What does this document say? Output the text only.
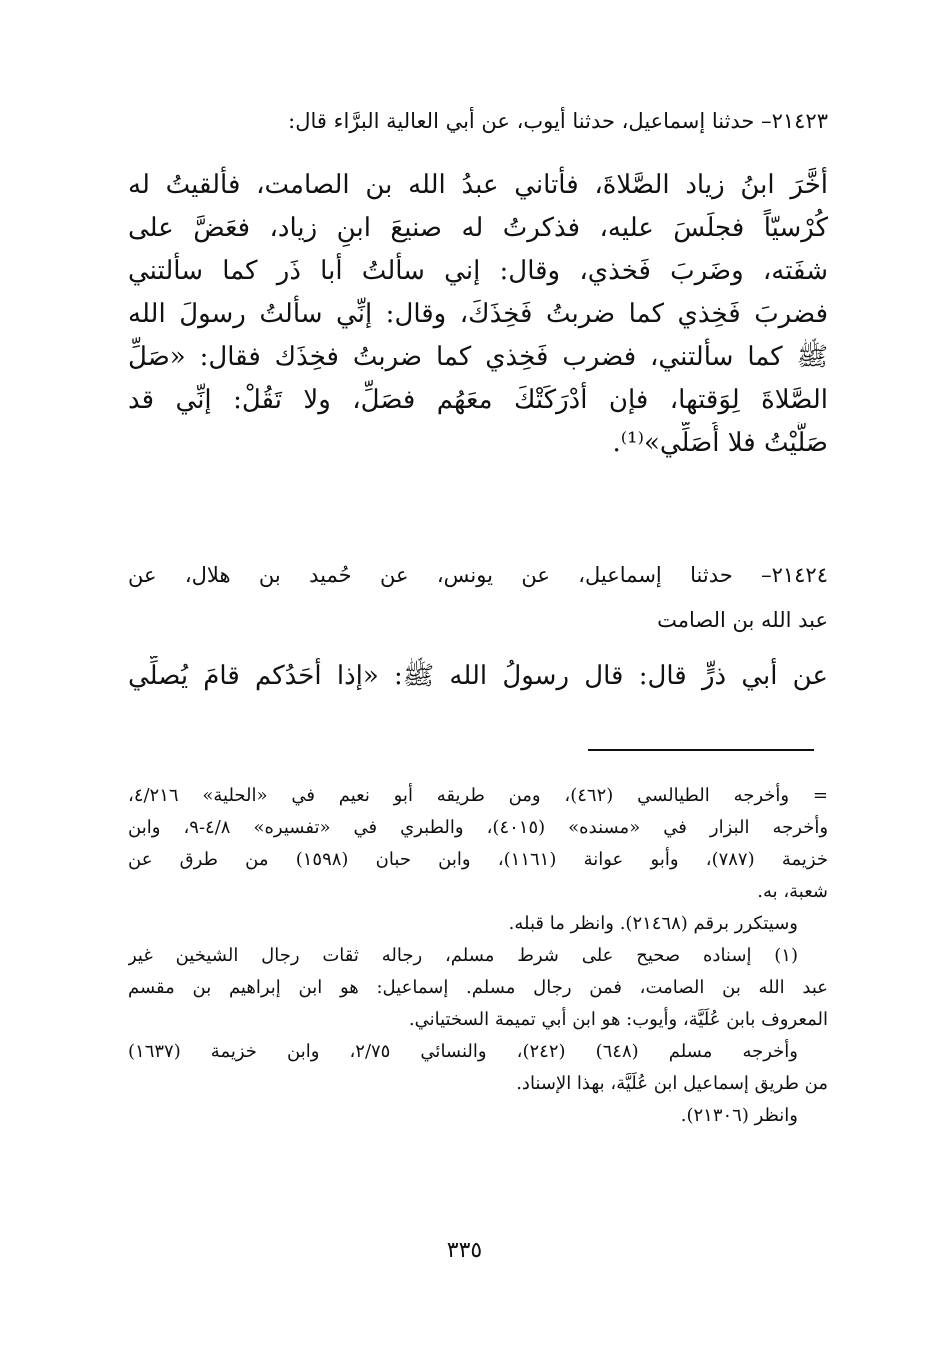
٢١٤٢٣– حدثنا إسماعيل، حدثنا أيوب، عن أبي العالية البرَّاء قال:
أخَّرَ ابنُ زياد الصَّلاةَ، فأتاني عبدُ الله بن الصامت، فألقيتُ له
كُرْسيّاً فجلَسَ عليه، فذكرتُ له صنيعَ ابنِ زياد، فعَضَّ على
شفَته، وضَربَ فَخذي، وقال: إني سألتُ أبا ذَر كما سألتني
فضربَ فَخِذي كما ضربتُ فَخِذَكَ، وقال: إنِّي سألتُ رسولَ الله
ﷺ كما سألتني، فضرب فَخِذي كما ضربتُ فخِذَك فقال: «صَلِّ
الصَّلاةَ لِوَقتها، فإن أدْرَكَتْكَ معَهُم فصَلِّ، ولا تَقُلْ: إنِّي قد
صَلَّيْتُ فلا أُصَلِّي»⁽¹⁾.
٢١٤٢٤– حدثنا إسماعيل، عن يونس، عن حُميد بن هلال، عن
عبد الله بن الصامت
عن أبي ذرٍّ قال: قال رسولُ الله ﷺ: «إذا أحَدُكم قامَ يُصلِّي
= وأخرجه الطيالسي (٤٦٢)، ومن طريقه أبو نعيم في «الحلية» ٤/٢١٦،
وأخرجه البزار في «مسنده» (٤٠١٥)، والطبري في «تفسيره» ٤/٨-٩، وابن
خزيمة (٧٨٧)، وأبو عوانة (١١٦١)، وابن حبان (١٥٩٨) من طرق عن
شعبة، به.
وسيتكرر برقم (٢١٤٦٨). وانظر ما قبله.
(١) إسناده صحيح على شرط مسلم، رجاله ثقات رجال الشيخين غير
عبد الله بن الصامت، فمن رجال مسلم. إسماعيل: هو ابن إبراهيم بن مقسم
المعروف بابن عُلَيَّة، وأيوب: هو ابن أبي تميمة السختياني.
وأخرجه مسلم (٦٤٨) (٢٤٢)، والنسائي ٢/٧٥، وابن خزيمة (١٦٣٧)
من طريق إسماعيل ابن عُلَيَّة، بهذا الإسناد.
وانظر (٢١٣٠٦).
٣٣٥
